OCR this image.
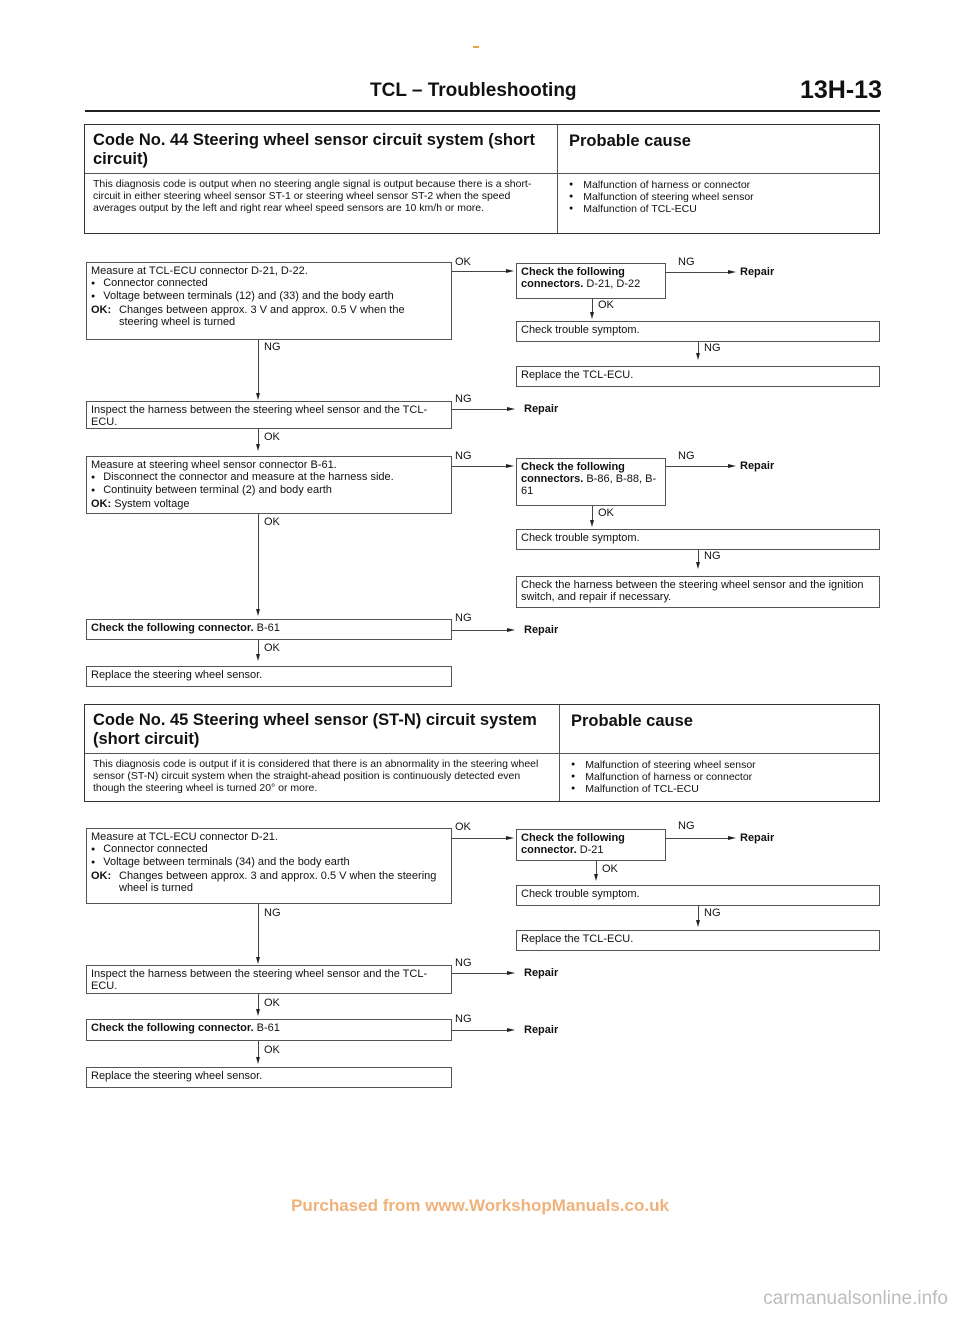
TCL – Troubleshooting	13H-13
Code No. 44 Steering wheel sensor circuit system (short circuit)
Probable cause
This diagnosis code is output when no steering angle signal is output because there is a short-circuit in either steering wheel sensor ST-1 or steering wheel sensor ST-2 when the speed averages output by the left and right rear wheel speed sensors are 10 km/h or more.
● Malfunction of harness or connector
● Malfunction of steering wheel sensor
● Malfunction of TCL-ECU
Measure at TCL-ECU connector D-21, D-22.
● Connector connected
● Voltage between terminals (12) and (33) and the body earth
OK: Changes between approx. 3 V and approx. 0.5 V when the steering wheel is turned
OK
Check the following connectors. D-21, D-22
NG
Repair
OK
Check trouble symptom.
NG
Replace the TCL-ECU.
NG
Inspect the harness between the steering wheel sensor and the TCL-ECU.
NG
Repair
OK
Measure at steering wheel sensor connector B-61.
● Disconnect the connector and measure at the harness side.
● Continuity between terminal (2) and body earth
OK: System voltage
NG
Check the following connectors. B-86, B-88, B-61
NG
Repair
OK
Check trouble symptom.
NG
Check the harness between the steering wheel sensor and the ignition switch, and repair if necessary.
OK
Check the following connector. B-61
NG
Repair
OK
Replace the steering wheel sensor.
Code No. 45 Steering wheel sensor (ST-N) circuit system (short circuit)
Probable cause
This diagnosis code is output if it is considered that there is an abnormality in the steering wheel sensor (ST-N) circuit system when the straight-ahead position is continuously detected even though the steering wheel is turned 20° or more.
● Malfunction of steering wheel sensor
● Malfunction of harness or connector
● Malfunction of TCL-ECU
Measure at TCL-ECU connector D-21.
● Connector connected
● Voltage between terminals (34) and the body earth
OK: Changes between approx. 3 and approx. 0.5 V when the steering wheel is turned
OK
Check the following connector. D-21
NG
Repair
OK
Check trouble symptom.
NG
Replace the TCL-ECU.
NG
Inspect the harness between the steering wheel sensor and the TCL-ECU.
NG
Repair
OK
Check the following connector. B-61
NG
Repair
OK
Replace the steering wheel sensor.
Purchased from www.WorkshopManuals.co.uk
carmanualsonline.info
